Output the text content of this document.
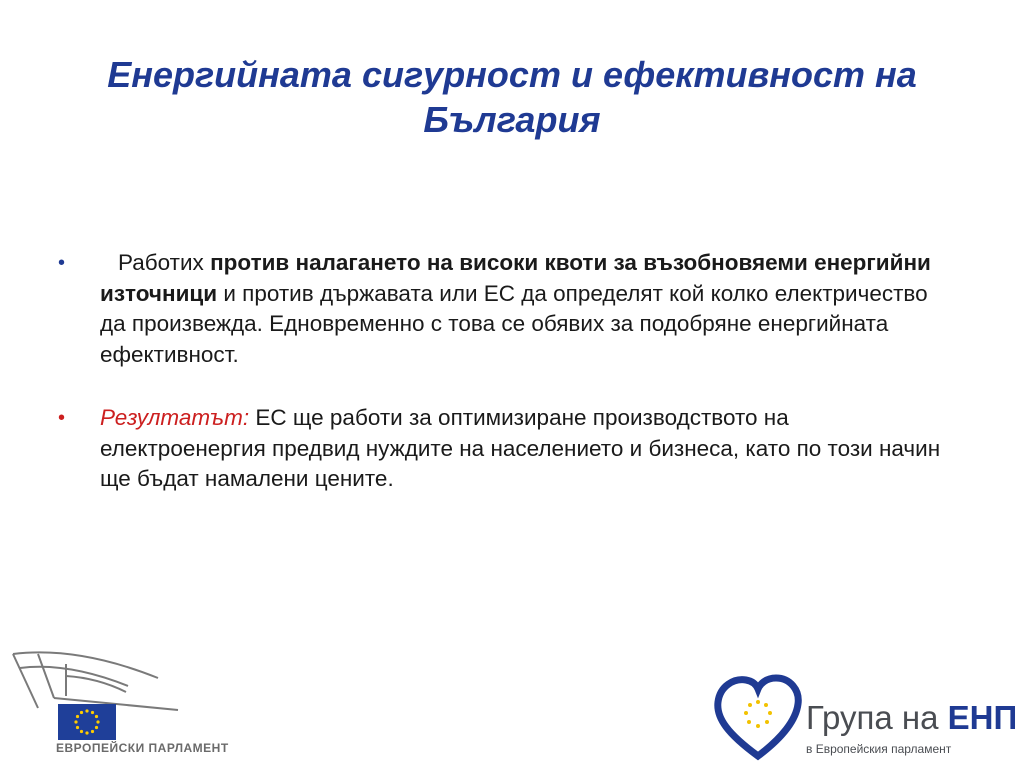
Енергийната сигурност и ефективност на България
•	Работих против налагането на високи квоти за възобновяеми енергийни източници и против държавата или ЕС да определят кой колко електричество да произвежда. Едновременно с това се обявих за подобряне енергийната ефективност.
•	Резултатът: ЕС ще работи за оптимизиране производството на електроенергия предвид нуждите на населението и бизнеса, като по този начин ще бъдат намалени цените.
ЕВРОПЕЙСКИ ПАРЛАМЕНТ
Група на ЕНП
в Европейския парламент
